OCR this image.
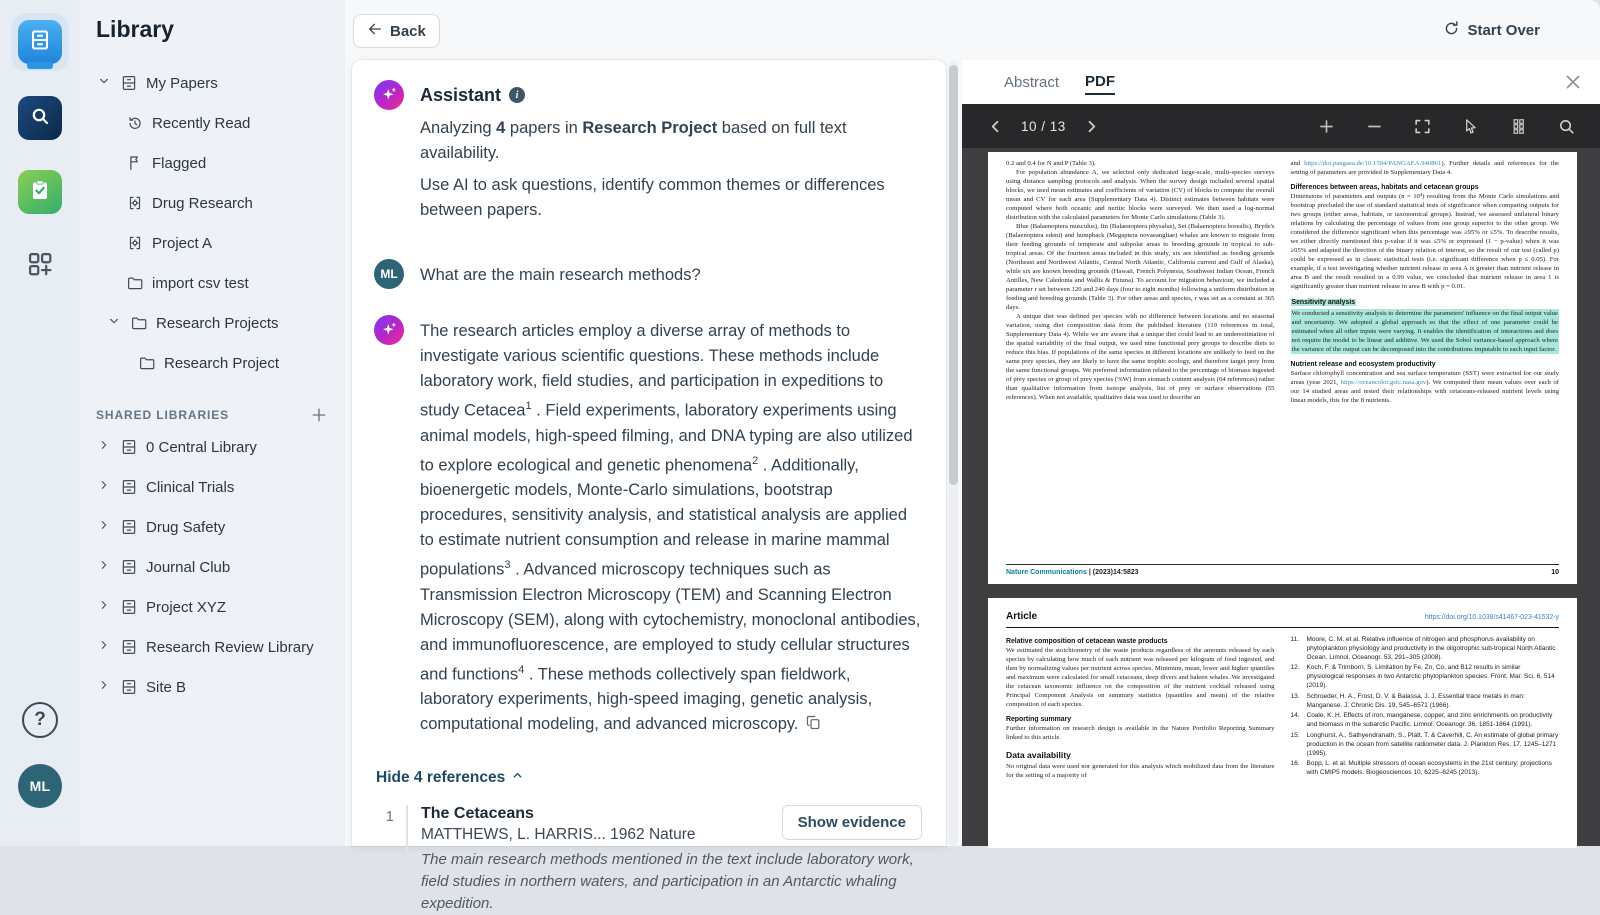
?
ML
Library
My Papers
Recently Read
Flagged
Drug Research
Project A
import csv test
Research Projects
Research Project
SHARED LIBRARIES
0 Central Library
Clinical Trials
Drug Safety
Journal Club
Project XYZ
Research Review Library
Site B
Back	Start Over
Assistant	i
Analyzing 4 papers in Research Project based on full text availability.
Use AI to ask questions, identify common themes or differences between papers.
ML	What are the main research methods?
The research articles employ a diverse array of methods to investigate various scientific questions. These methods include laboratory work, field studies, and participation in expeditions to study Cetacea$^1$ . Field experiments, laboratory experiments using animal models, high-speed filming, and DNA typing are also utilized to explore ecological and genetic phenomena$^2$ . Additionally, bioenergetic models, Monte-Carlo simulations, bootstrap procedures, sensitivity analysis, and statistical analysis are applied to estimate nutrient consumption and release in marine mammal populations$^3$ . Advanced microscopy techniques such as Transmission Electron Microscopy (TEM) and Scanning Electron Microscopy (SEM), along with cytochemistry, monoclonal antibodies, and immunofluorescence, are employed to study cellular structures and functions$^4$ . These methods collectively span fieldwork, laboratory experiments, high-speed imaging, genetic analysis, computational modeling, and advanced microscopy.
Hide 4 references
1 The Cetaceans
MATTHEWS, L. HARRIS... 1962 Nature
Show evidence
The main research methods mentioned in the text include laboratory work, field studies in northern waters, and participation in an Antarctic whaling expedition.
Abstract PDF
10 / 13
0.2 and 0.4 for N and P (Table 3).
For population abundance A, we selected only dedicated large-scale, multi-species surveys using distance sampling protocols and analysis. When the survey design included several spatial blocks, we used mean estimates and coefficients of variation (CV) of blocks to compute the overall mean and CV for each area (Supplementary Data 4). Distinct estimates between habitats were computed where both oceanic and neritic blocks were surveyed. We then used a log-normal distribution with the calculated parameters for Monte Carlo simulations (Table 3).
Blue (Balaenoptera musculus), fin (Balaenoptera physalus), Sei (Balaenoptera borealis), Bryde's (Balaenoptera edeni) and humpback (Megaptera novaeangliae) whales are known to migrate from their feeding grounds of temperate and subpolar areas to breeding grounds in tropical to sub-tropical areas. Of the fourteen areas included in this study, six are identified as feeding grounds (Northeast and Northwest Atlantic, Central North Atlantic, California current and Gulf of Alaska), while six are known breeding grounds (Hawaii, French Polynesia, Southwest Indian Ocean, French Antilles, New Caledonia and Wallis & Futuna). To account for migration behaviour, we included a parameter r set between 120 and 240 days (four to eight months) following a uniform distribution in feeding and breeding grounds (Table 3). For other areas and species, r was set as a constant at 365 days.
A unique diet was defined per species with no difference between locations and no seasonal variation, using diet composition data from the published literature (119 references in total, Supplementary Data 4). While we are aware that a unique diet could lead to an underestimation of the spatial variability of the final output, we used nine functional prey groups to describe diets to reduce this bias. If populations of the same species in different locations are unlikely to feed on the same prey species, they are likely to have the same trophic ecology, and therefore target prey from the same functional groups. We preferred information related to the percentage of biomass ingested of prey species or group of prey species (%W) from stomach content analysis (64 references) rather than qualitative information from isotope analysis, list of prey or surface observations (55 references). When not available, qualitative data was used to describe an
and https://doi.pangaea.de/10.1594/PANGAEA.940861). Further details and references for the setting of parameters are provided in Supplementary Data 4.
Differences between areas, habitats and cetacean groups
Dimensions of parameters and outputs (n = 10⁴) resulting from the Monte Carlo simulations and bootstrap precluded the use of standard statistical tests of significance when comparing outputs for two groups (either areas, habitats, or taxonomical groups). Instead, we assessed unilateral binary relations by calculating the percentage of values from one group superior to the other group. We considered the difference significant when this percentage was ≥95% or ≤5%. To describe results, we either directly mentioned this p-value if it was ≤5% or expressed (1 − p-value) when it was ≥95% and adapted the direction of the binary relation of interest, so the result of our test (called p) could be expressed as in classic statistical tests (i.e. significant difference when p ≤ 0.05). For example, if a test investigating whether nutrient release in area A is greater than nutrient release in area B and the result resulted in a 0.99 value, we concluded that nutrient release in area 1 is significantly greater than nutrient release in area B with p = 0.01.
Sensitivity analysis
We conducted a sensitivity analysis to determine the parameters' influence on the final output value and uncertainty. We adopted a global approach so that the effect of one parameter could be estimated when all other inputs were varying. It enables the identification of interactions and does not require the model to be linear and additive. We used the Sobol variance-based approach where the variance of the output can be decomposed into the contributions imputable to each input factor.
Nutrient release and ecosystem productivity
Surface chlorophyll concentration and sea surface temperature (SST) were extracted for our study areas (year 2021, https://oceancolor.gsfc.nasa.gov). We computed their mean values over each of our 14 studied areas and tested their relationships with cetaceans-released nutrient levels using linear models, this for the 8 nutrients.
Nature Communications | (2023)14:5823	10
Article	https://doi.org/10.1038/s41467-023-41532-y
Relative composition of cetacean waste products
We estimated the stoichiometry of the waste products regardless of the amounts released by each species by calculating how much of each nutrient was released per kilogram of food ingested, and then by normalizing values per nutrient across species. Minimum, mean, lower and higher quantiles and maximum were calculated for small cetaceans, deep divers and baleen whales. We investigated the cetacean taxonomic influence on the composition of the nutrient cocktail released using Principal Component Analysis on summary statistics (quantiles and mean) of the relative composition of each species.
Reporting summary
Further information on research design is available in the Nature Portfolio Reporting Summary linked to this article.
Data availability
No original data were used nor generated for this analysis which mobilized data from the literature for the setting of a majority of
11.	Moore, C. M. et al. Relative influence of nitrogen and phosphorus availability on phytoplankton physiology and productivity in the oligotrophic sub-tropical North Atlantic Ocean. Limnol. Oceanogr. 53, 291–305 (2008).
12.	Koch, F. & Trimborn, S. Limitation by Fe, Zn, Co, and B12 results in similar physiological responses in two Antarctic phytoplankton species. Front. Mar. Sci. 6, 514 (2019).
13.	Schroeder, H. A., Frost, D. V. & Balassa, J. J. Essential trace metals in man: Manganese. J. Chronic Dis. 19, 545–6571 (1966).
14.	Coale, K. H. Effects of iron, manganese, copper, and zinc enrichments on productivity and biomass in the subarctic Pacific. Limnol. Oceanogr. 36, 1851-1864 (1991).
15.	Longhurst, A., Sathyendranath, S., Platt, T. & Caverhill, C. An estimate of global primary production in the ocean from satellite radiometer data. J. Plankton Res. 17, 1245–1271 (1995).
16.	Bopp, L. et al. Multiple stressors of ocean ecosystems in the 21st century: projections with CMIP5 models. Biogeosciences 10, 6225–6245 (2013).
